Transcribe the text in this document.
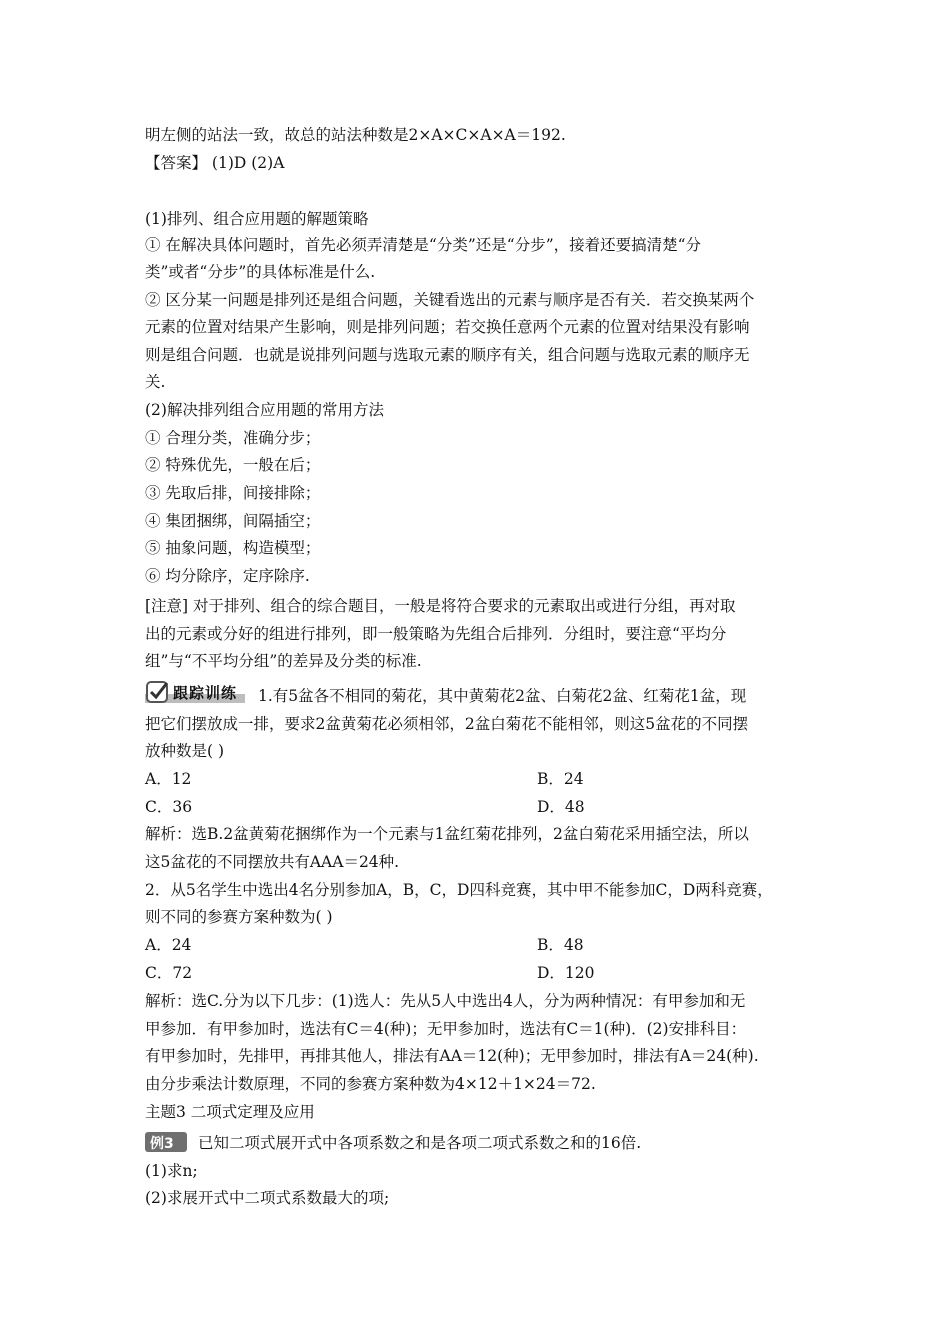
明左侧的站法一致，故总的站法种数是2×A×C×A×A＝192.
【答案】 (1)D (2)A
(1)排列、组合应用题的解题策略
① 在解决具体问题时，首先必须弄清楚是“分类”还是“分步”，接着还要搞清楚“分
类”或者“分步”的具体标准是什么.
② 区分某一问题是排列还是组合问题，关键看选出的元素与顺序是否有关．若交换某两个
元素的位置对结果产生影响，则是排列问题；若交换任意两个元素的位置对结果没有影响
则是组合问题．也就是说排列问题与选取元素的顺序有关，组合问题与选取元素的顺序无
关.
(2)解决排列组合应用题的常用方法
① 合理分类，准确分步；
② 特殊优先，一般在后；
③ 先取后排，间接排除；
④ 集团捆绑，间隔插空；
⑤ 抽象问题，构造模型；
⑥ 均分除序，定序除序.
[注意] 对于排列、组合的综合题目，一般是将符合要求的元素取出或进行分组，再对取
出的元素或分好的组进行排列，即一般策略为先组合后排列．分组时，要注意“平均分
组”与“不平均分组”的差异及分类的标准.
跟踪训练 1.有5盆各不相同的菊花，其中黄菊花2盆、白菊花2盆、红菊花1盆，现
把它们摆放成一排，要求2盆黄菊花必须相邻，2盆白菊花不能相邻，则这5盆花的不同摆
放种数是( )
A．12	B．24
C．36	D．48
解析：选B.2盆黄菊花捆绑作为一个元素与1盆红菊花排列，2盆白菊花采用插空法，所以
这5盆花的不同摆放共有AAA＝24种.
2．从5名学生中选出4名分别参加A，B，C，D四科竞赛，其中甲不能参加C，D两科竞赛，
则不同的参赛方案种数为( )
A．24	B．48
C．72	D．120
解析：选C.分为以下几步：(1)选人：先从5人中选出4人，分为两种情况：有甲参加和无
甲参加．有甲参加时，选法有C＝4(种)；无甲参加时，选法有C＝1(种)．(2)安排科目：
有甲参加时，先排甲，再排其他人，排法有AA＝12(种)；无甲参加时，排法有A＝24(种).
由分步乘法计数原理，不同的参赛方案种数为4×12＋1×24＝72.
主题3 二项式定理及应用
例3 已知二项式展开式中各项系数之和是各项二项式系数之和的16倍.
(1)求n;
(2)求展开式中二项式系数最大的项;
